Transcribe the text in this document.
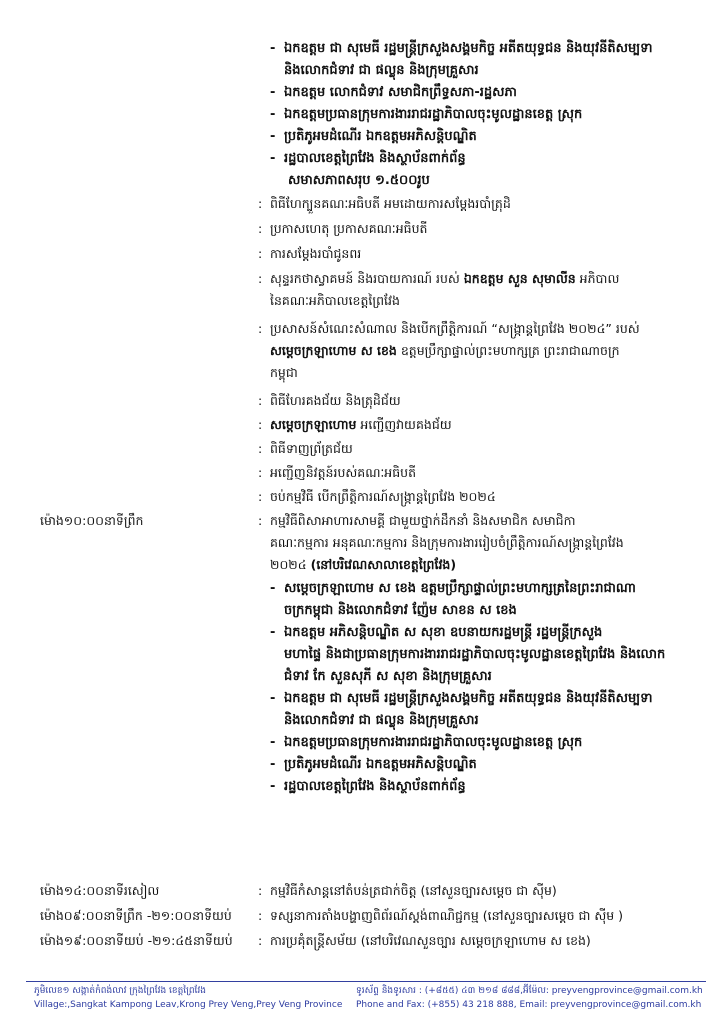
- ឯកឧត្តម ជា សុមេធី រដ្ឋមន្ត្រីក្រសួងសង្គមកិច្ច អតីតយុទ្ធជន និងយុវនីតិសម្បទា
និងលោកជំទាវ ជា ផល្លុន និងក្រុមគ្រួសារ
- ឯកឧត្តម លោកជំទាវ សមាជិកព្រឹទ្ធសភា-រដ្ឋសភា
- ឯកឧត្តមប្រធានក្រុមការងាររាជរដ្ឋាភិបាលចុះមូលដ្ឋានខេត្ត ស្រុក
- ប្រតិភូអមដំណើរ ឯកឧត្តមអភិសន្តិបណ្ឌិត
- រដ្ឋបាលខេត្តព្រៃវែង និងស្ថាប័នពាក់ព័ន្ធ
សមាសភាពសរុប ១.៥០០រូប
: ពិធីហែក្បួនគណៈអធិបតី អមដោយការសម្តែងរបាំត្រុដិ
: ប្រកាសហេតុ ប្រកាសគណៈអធិបតី
: ការសម្តែងរបាំជូនពរ
: សុន្ទរកថាស្វាគមន៍ និងរបាយការណ៍ របស់ ឯកឧត្តម សួន សុមាលីន អភិបាល
នៃគណៈអភិបាលខេត្តព្រៃវែង
: ប្រសាសន៍សំណេះសំណាល និងបើកព្រឹត្តិការណ៍ “សង្ក្រាន្តព្រៃវែង ២០២៤” របស់
សម្តេចក្រឡាហោម ស ខេង ឧត្តមប្រឹក្សាផ្ទាល់ព្រះមហាក្សត្រ ព្រះរាជាណាចក្រ
កម្ពុជា
: ពិធីហែរគងជ័យ និងត្រុដិជ័យ
: សម្តេចក្រឡាហោម អញ្ជើញវាយគងជ័យ
: ពិធីទាញព្រ័ត្រជ័យ
: អញ្ជើញនិវត្តន៍របស់គណៈអធិបតី
: ចប់កម្មវិធី បើកព្រឹត្តិការណ៍សង្ក្រាន្តព្រៃវែង ២០២៤
ម៉ោង១០:០០នាទីព្រឹក	: កម្មវិធីពិសាអាហារសាមគ្គី ជាមួយថ្នាក់ដឹកនាំ និងសមាជិក សមាជិកា
គណៈកម្មការ អនុគណៈកម្មការ និងក្រុមការងាររៀបចំព្រឹត្តិការណ៍សង្ក្រាន្តព្រៃវែង
២០២៤ (នៅបរិវេណសាលាខេត្តព្រៃវែង)
- សម្តេចក្រឡាហោម ស ខេង ឧត្តមប្រឹក្សាផ្ទាល់ព្រះមហាក្សត្រនៃព្រះរាជាណា
ចក្រកម្ពុជា និងលោកជំទាវ ញ៉ែម សាខន ស ខេង
- ឯកឧត្តម អភិសន្តិបណ្ឌិត ស សុខា ឧបនាយករដ្ឋមន្ត្រី រដ្ឋមន្ត្រីក្រសួង
មហាផ្ទៃ និងជាប្រធានក្រុមការងាររាជរដ្ឋាភិបាលចុះមូលដ្ឋានខេត្តព្រៃវែង និងលោក
ជំទាវ កែ សួនសុភី ស សុខា និងក្រុមគ្រួសារ
- ឯកឧត្តម ជា សុមេធី រដ្ឋមន្ត្រីក្រសួងសង្គមកិច្ច អតីតយុទ្ធជន និងយុវនីតិសម្បទា
និងលោកជំទាវ ជា ផល្លុន និងក្រុមគ្រួសារ
- ឯកឧត្តមប្រធានក្រុមការងាររាជរដ្ឋាភិបាលចុះមូលដ្ឋានខេត្ត ស្រុក
- ប្រតិភូអមដំណើរ ឯកឧត្តមអភិសន្តិបណ្ឌិត
- រដ្ឋបាលខេត្តព្រៃវែង និងស្ថាប័នពាក់ព័ន្ធ
ម៉ោង១៤:០០នាទីរសៀល	: កម្មវិធីកំសាន្តនៅតំបន់ត្រជាក់ចិត្ត (នៅសួនច្បារសម្តេច ជា ស៊ីម)
ម៉ោង០៩:០០នាទីព្រឹក -២១:០០នាទីយប់ : ទស្សនាការតាំងបង្ហាញពិព័រណ៍ស្តង់ពាណិជ្ជកម្ម (នៅសួនច្បារសម្តេច ជា ស៊ីម )
ម៉ោង១៩:០០នាទីយប់ -២១:៤៥នាទីយប់ : ការប្រគុំតន្ត្រីសម័យ (នៅបរិវេណសួនច្បារ សម្តេចក្រឡាហោម ស ខេង)
ភូមិលេខ១ សង្កាត់កំពង់លាវ ក្រុងព្រៃវែង ខេត្តព្រៃវែង
Village:,Sangkat Kampong Leav,Krong Prey Veng,Prey Veng Province
ទូរស័ព្ទ និងទូរសារ : (+៨៥៥) ៤៣ ២១៨ ៨៨៨,អ៊ីម៉ែល: preyvengprovince@gmail.com.kh
Phone and Fax: (+855) 43 218 888, Email: preyvengprovince@gmail.com.kh
